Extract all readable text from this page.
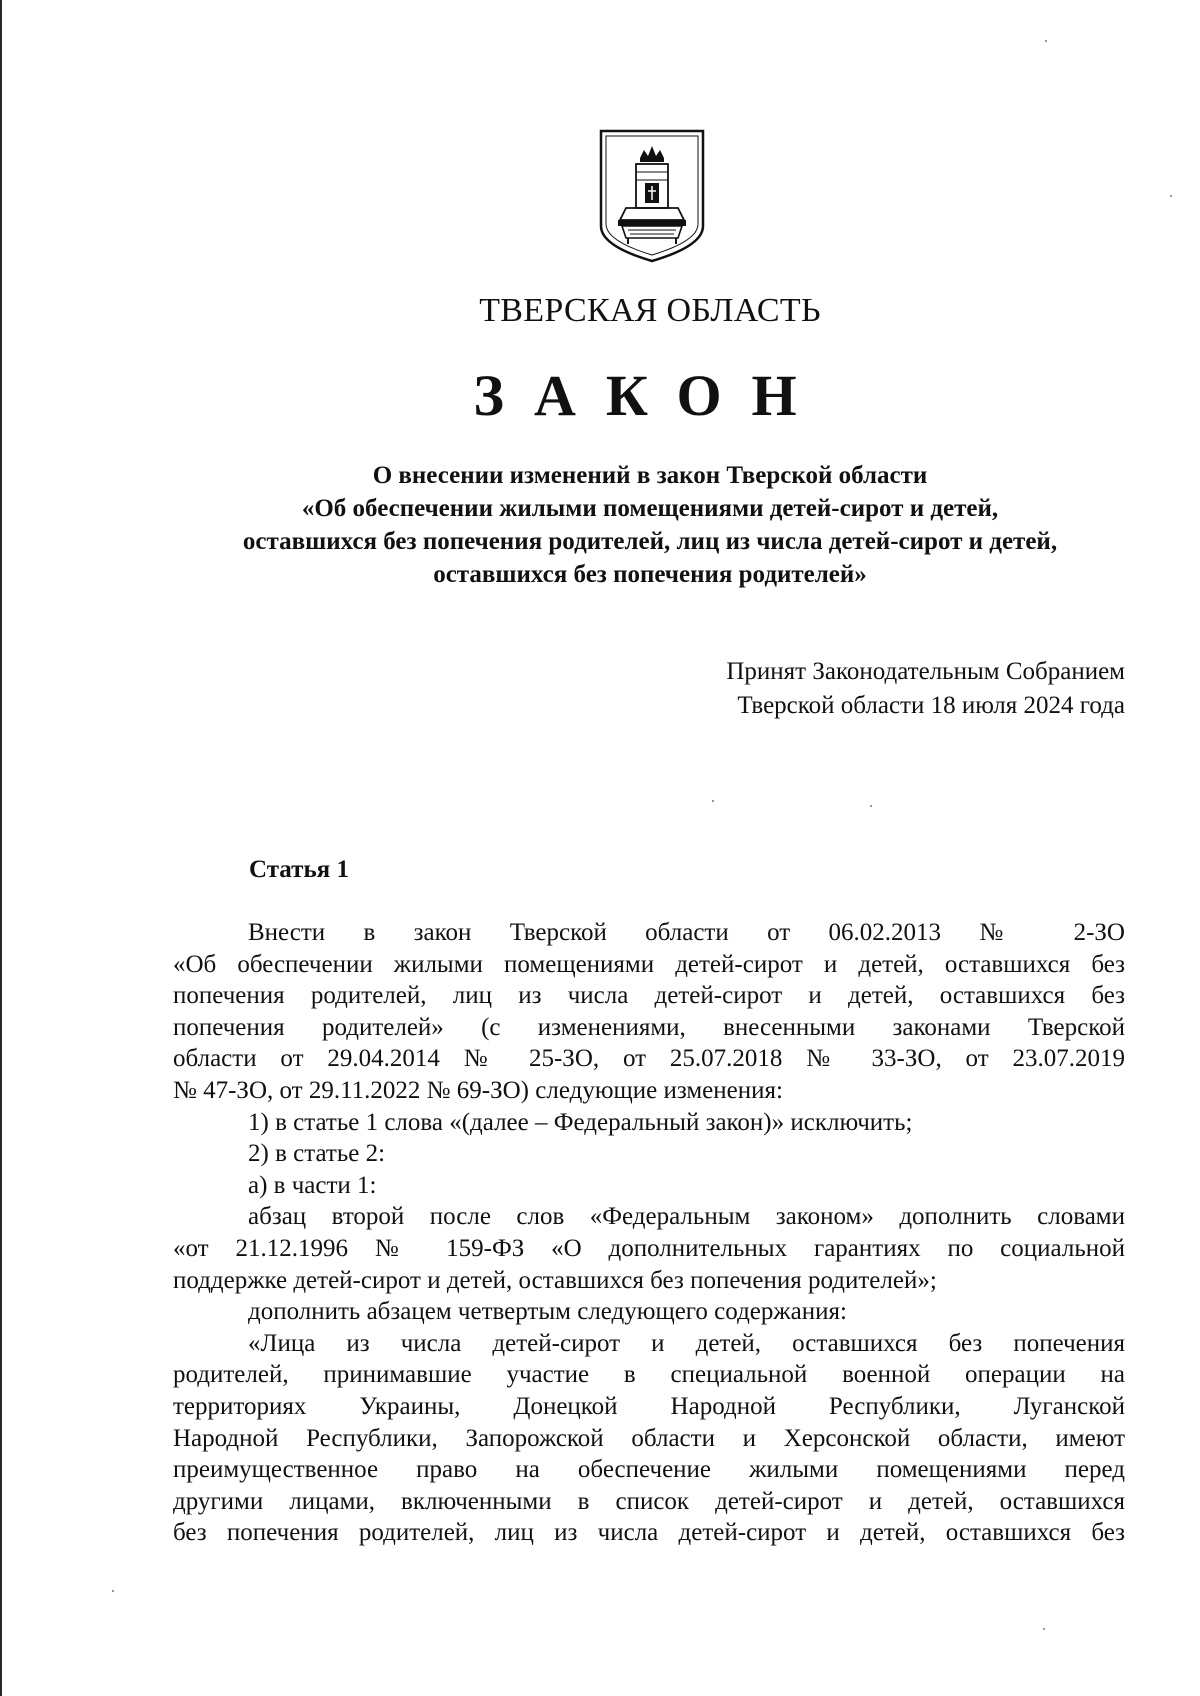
ТВЕРСКАЯ ОБЛАСТЬ
ЗАКОН
О внесении изменений в закон Тверской области
«Об обеспечении жилыми помещениями детей-сирот и детей,
оставшихся без попечения родителей, лиц из числа детей-сирот и детей,
оставшихся без попечения родителей»
Принят Законодательным Собранием
Тверской области 18 июля 2024 года
Статья 1
Внести в закон Тверской области от 06.02.2013 № 2-ЗО
«Об обеспечении жилыми помещениями детей-сирот и детей, оставшихся без
попечения родителей, лиц из числа детей-сирот и детей, оставшихся без
попечения родителей» (с изменениями, внесенными законами Тверской
области от 29.04.2014 № 25-ЗО, от 25.07.2018 № 33-ЗО, от 23.07.2019
№ 47-ЗО, от 29.11.2022 № 69-ЗО) следующие изменения:
1) в статье 1 слова «(далее – Федеральный закон)» исключить;
2) в статье 2:
а) в части 1:
абзац второй после слов «Федеральным законом» дополнить словами
«от 21.12.1996 № 159-ФЗ «О дополнительных гарантиях по социальной
поддержке детей-сирот и детей, оставшихся без попечения родителей»;
дополнить абзацем четвертым следующего содержания:
«Лица из числа детей-сирот и детей, оставшихся без попечения
родителей, принимавшие участие в специальной военной операции на
территориях Украины, Донецкой Народной Республики, Луганской
Народной Республики, Запорожской области и Херсонской области, имеют
преимущественное право на обеспечение жилыми помещениями перед
другими лицами, включенными в список детей-сирот и детей, оставшихся
без попечения родителей, лиц из числа детей-сирот и детей, оставшихся без
